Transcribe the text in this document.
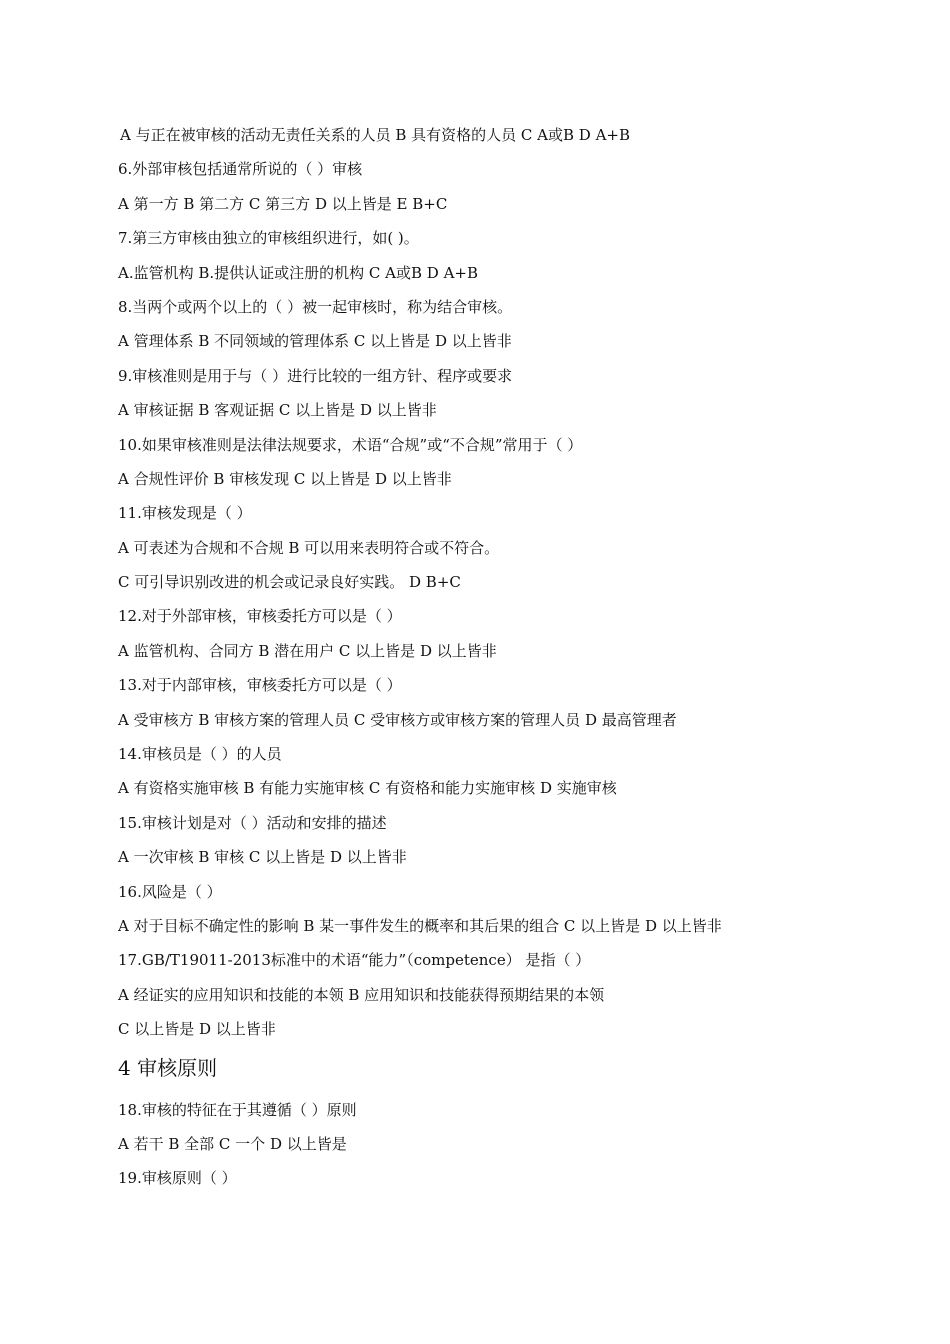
A 与正在被审核的活动无责任关系的人员 B 具有资格的人员 C A或B D A+B
6.外部审核包括通常所说的（ ）审核
A 第一方 B 第二方 C 第三方 D 以上皆是 E B+C
7.第三方审核由独立的审核组织进行，如( )。
A.监管机构 B.提供认证或注册的机构 C A或B D A+B
8.当两个或两个以上的（ ）被一起审核时，称为结合审核。
A 管理体系 B 不同领域的管理体系 C 以上皆是 D 以上皆非
9.审核准则是用于与（ ）进行比较的一组方针、程序或要求
A 审核证据 B 客观证据 C 以上皆是 D 以上皆非
10.如果审核准则是法律法规要求，术语“合规”或“不合规”常用于（ ）
A 合规性评价 B 审核发现 C 以上皆是 D 以上皆非
11.审核发现是（ ）
A 可表述为合规和不合规 B 可以用来表明符合或不符合。
C 可引导识别改进的机会或记录良好实践。 D B+C
12.对于外部审核，审核委托方可以是（ ）
A 监管机构、合同方 B 潜在用户 C 以上皆是 D 以上皆非
13.对于内部审核，审核委托方可以是（ ）
A 受审核方 B 审核方案的管理人员 C 受审核方或审核方案的管理人员 D 最高管理者
14.审核员是（ ）的人员
A 有资格实施审核 B 有能力实施审核 C 有资格和能力实施审核 D 实施审核
15.审核计划是对（ ）活动和安排的描述
A 一次审核 B 审核 C 以上皆是 D 以上皆非
16.风险是（ ）
A 对于目标不确定性的影响 B 某一事件发生的概率和其后果的组合 C 以上皆是 D 以上皆非
17.GB/T19011-2013标准中的术语“能力”（competence） 是指（ ）
A 经证实的应用知识和技能的本领 B 应用知识和技能获得预期结果的本领
C 以上皆是 D 以上皆非
4 审核原则
18.审核的特征在于其遵循（ ）原则
A 若干 B 全部 C 一个 D 以上皆是
19.审核原则（ ）
